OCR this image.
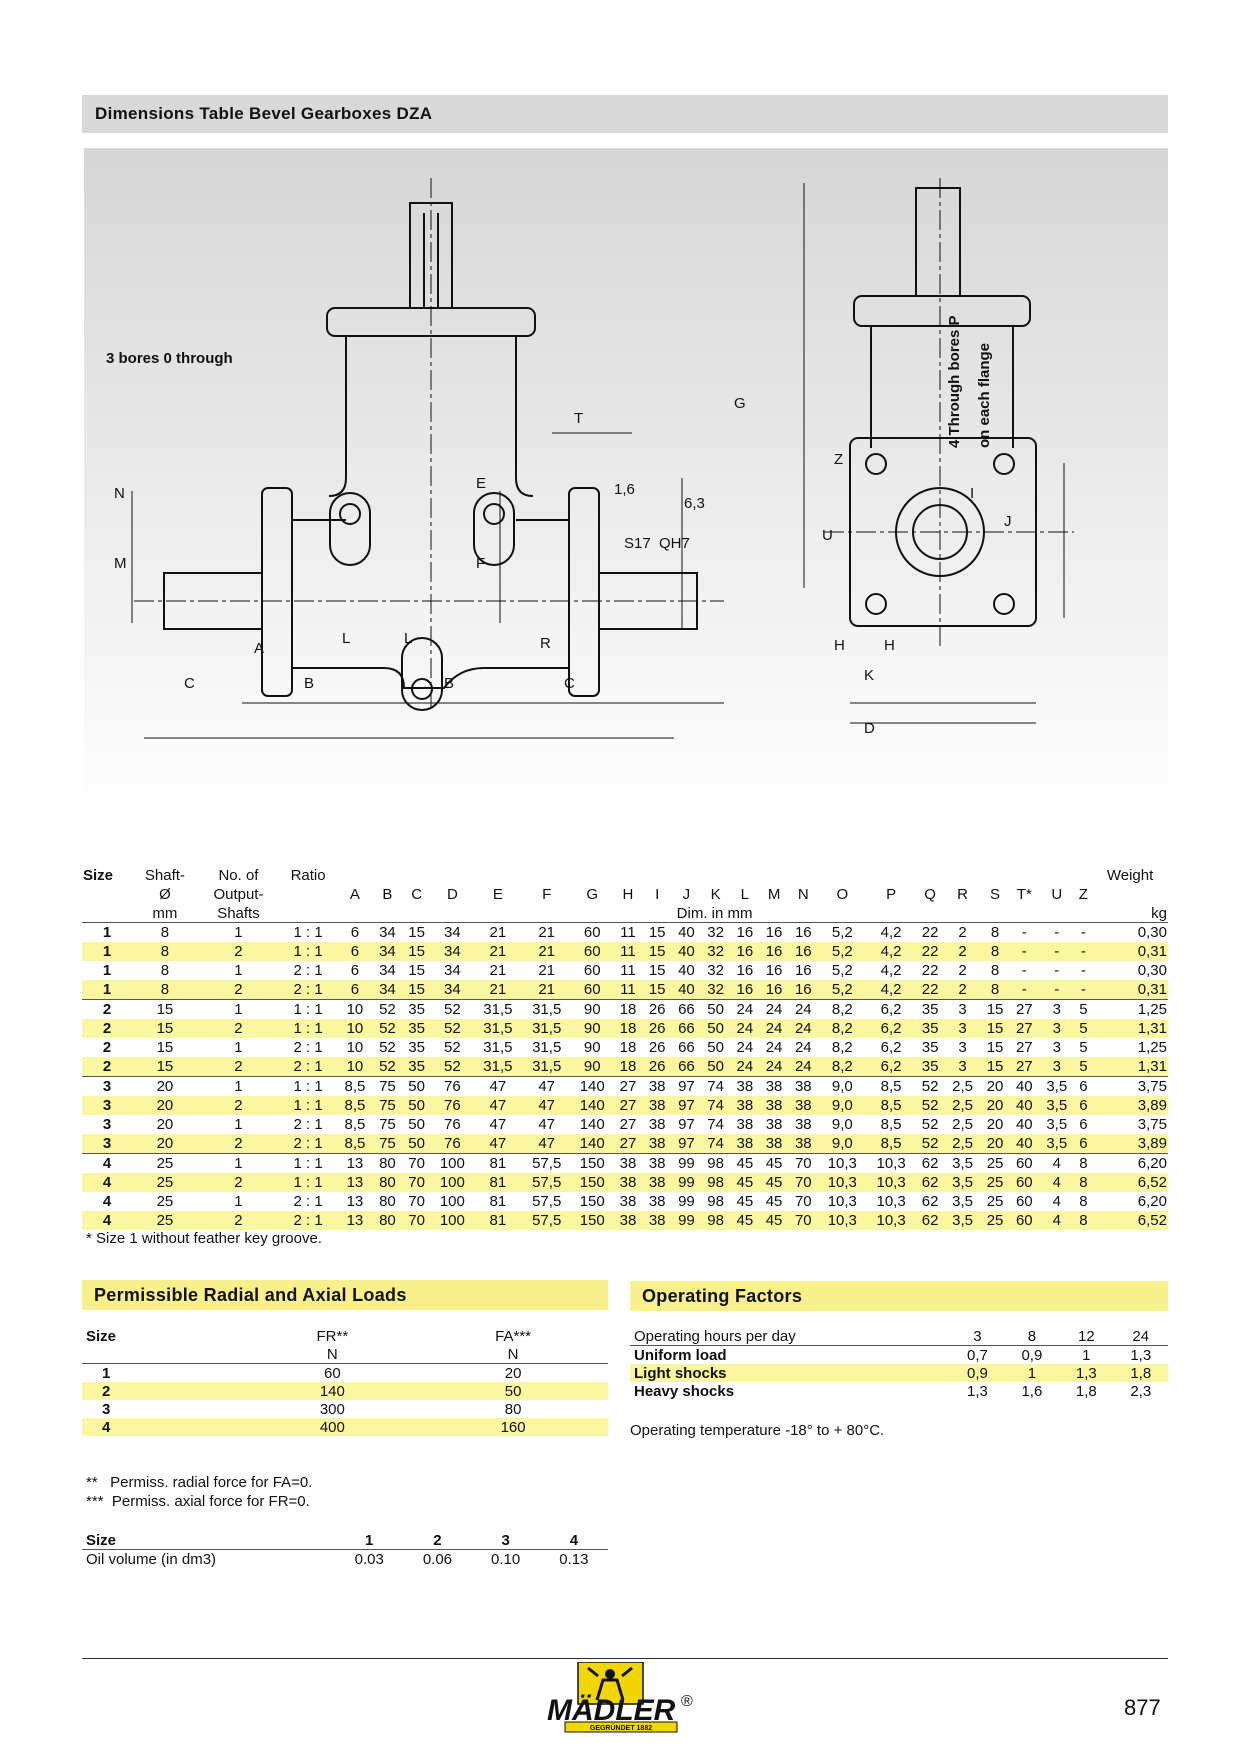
Dimensions Table Bevel Gearboxes DZA
3 bores 0 through
A
B	B
C	C
D
E
F
G
H	H
I
J
K
L	L
M
N
R
T
U
Z
S17 QH7
1,6
6,3
4 Through bores P on each flange
Size	Shaft-	No. of	Ratio																							Weight
	Ø	Output-		A	B	C	D	E	F	G	H	I	J	K	L	M	N	O	P	Q	R	S	T*	U	Z	
	mm	Shafts		Dim. in mm																						kg
1	8	1	1 : 1	6	34	15	34	21	21	60	11	15	40	32	16	16	16	5,2	4,2	22	2	8	-	-	-	0,30
1	8	2	1 : 1	6	34	15	34	21	21	60	11	15	40	32	16	16	16	5,2	4,2	22	2	8	-	-	-	0,31
1	8	1	2 : 1	6	34	15	34	21	21	60	11	15	40	32	16	16	16	5,2	4,2	22	2	8	-	-	-	0,30
1	8	2	2 : 1	6	34	15	34	21	21	60	11	15	40	32	16	16	16	5,2	4,2	22	2	8	-	-	-	0,31
2	15	1	1 : 1	10	52	35	52	31,5	31,5	90	18	26	66	50	24	24	24	8,2	6,2	35	3	15	27	3	5	1,25
2	15	2	1 : 1	10	52	35	52	31,5	31,5	90	18	26	66	50	24	24	24	8,2	6,2	35	3	15	27	3	5	1,31
2	15	1	2 : 1	10	52	35	52	31,5	31,5	90	18	26	66	50	24	24	24	8,2	6,2	35	3	15	27	3	5	1,25
2	15	2	2 : 1	10	52	35	52	31,5	31,5	90	18	26	66	50	24	24	24	8,2	6,2	35	3	15	27	3	5	1,31
3	20	1	1 : 1	8,5	75	50	76	47	47	140	27	38	97	74	38	38	38	9,0	8,5	52	2,5	20	40	3,5	6	3,75
3	20	2	1 : 1	8,5	75	50	76	47	47	140	27	38	97	74	38	38	38	9,0	8,5	52	2,5	20	40	3,5	6	3,89
3	20	1	2 : 1	8,5	75	50	76	47	47	140	27	38	97	74	38	38	38	9,0	8,5	52	2,5	20	40	3,5	6	3,75
3	20	2	2 : 1	8,5	75	50	76	47	47	140	27	38	97	74	38	38	38	9,0	8,5	52	2,5	20	40	3,5	6	3,89
4	25	1	1 : 1	13	80	70	100	81	57,5	150	38	38	99	98	45	45	70	10,3	10,3	62	3,5	25	60	4	8	6,20
4	25	2	1 : 1	13	80	70	100	81	57,5	150	38	38	99	98	45	45	70	10,3	10,3	62	3,5	25	60	4	8	6,52
4	25	1	2 : 1	13	80	70	100	81	57,5	150	38	38	99	98	45	45	70	10,3	10,3	62	3,5	25	60	4	8	6,20
4	25	2	2 : 1	13	80	70	100	81	57,5	150	38	38	99	98	45	45	70	10,3	10,3	62	3,5	25	60	4	8	6,52
* Size 1 without feather key groove.
Permissible Radial and Axial Loads
Size	FR**	FA***
	N	N
1	60	20
2	140	50
3	300	80
4	400	160
**   Permiss. radial force for FA=0.
***  Permiss. axial force for FR=0.
Size	1	2	3	4
Oil volume (in dm3)	0.03	0.06	0.10	0.13
Operating Factors
Operating hours per day	3	8	12	24
Uniform load	0,7	0,9	1	1,3
Light shocks	0,9	1	1,3	1,8
Heavy shocks	1,3	1,6	1,8	2,3
Operating temperature -18° to + 80°C.
MÄDLER ®
GEGRÜNDET 1882
877
